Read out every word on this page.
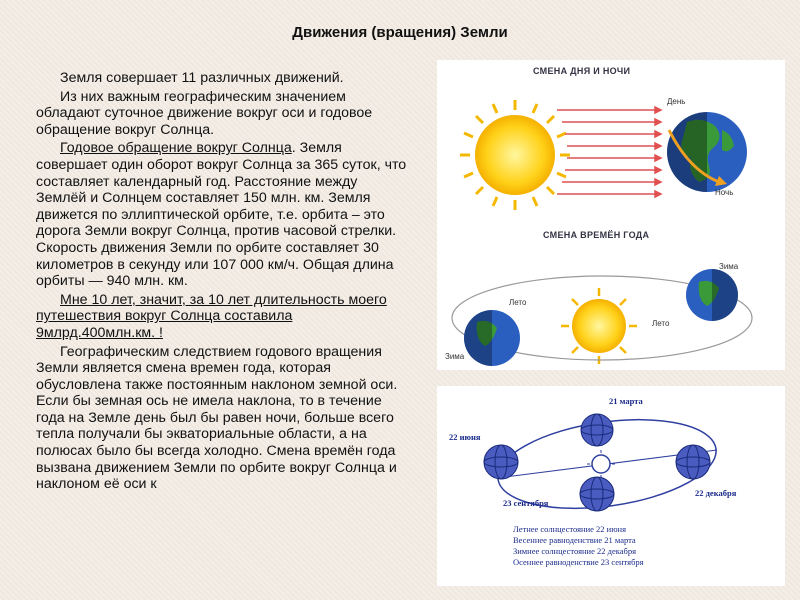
Движения (вращения) Земли

Земля совершает 11 различных движений.

Из них важным географическим значением обладают суточное движение вокруг оси и годовое обращение вокруг Солнца.

Годовое обращение вокруг Солнца. Земля совершает один оборот вокруг Солнца за 365 суток, что составляет календарный год. Расстояние между Землёй и Солнцем составляет 150 млн. км. Земля движется по эллиптической орбите, т.е. орбита – это дорога Земли вокруг Солнца, против часовой стрелки. Скорость движения Земли по орбите составляет 30 километров в секунду или 107 000 км/ч. Общая длина орбиты — 940 млн. км.

Мне 10 лет, значит, за 10 лет длительность моего путешествия вокруг Солнца составила 9млрд.400млн.км. !

Географическим следствием годового вращения Земли является смена времен года, которая обусловлена также постоянным наклоном земной оси. Если бы земная ось не имела наклона, то в течение года на Земле день был бы равен ночи, больше всего тепла получали бы экваториальные области, а на полюсах было бы всегда холодно. Смена времён года вызвана движением Земли по орбите вокруг Солнца и наклоном её оси к

СМЕНА ДНЯ И НОЧИ
День
Ночь
СМЕНА ВРЕМЁН ГОДА
Зима
Лето
Лето
Зима
21 марта
22 июня
22 декабря
23 сентября
Летнее солнцестояние 22 июня
Весеннее равноденствие 21 марта
Зимнее солнцестояние 22 декабря
Осеннее равноденствие 23 сентября
